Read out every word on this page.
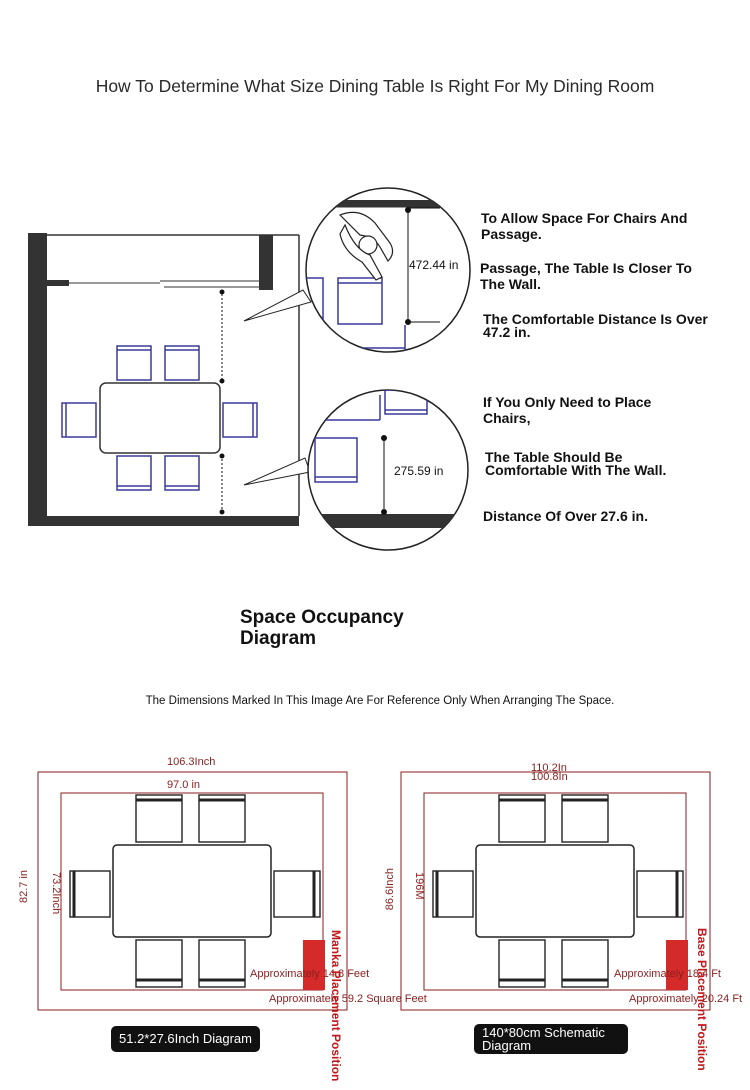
How To Determine What Size Dining Table Is Right For My Dining Room
472.44 in
275.59 in
To Allow Space For Chairs And Passage.
Passage, The Table Is Closer To The Wall.
The Comfortable Distance Is Over 47.2 in.
If You Only Need to Place Chairs,
The Table Should Be Comfortable With The Wall.
Distance Of Over 27.6 in.
Space Occupancy
Diagram
The Dimensions Marked In This Image Are For Reference Only When Arranging The Space.
106.3Inch
97.0 in
82.7 in 73.2Inch
Approximately 14.8 Feet
Approximately 59.2 Square Feet
Manka Placement Position
51.2*27.6Inch Diagram
110.2In
100.8In
86.6Inch 196M
Approximately 18.4 Ft
Approximately 20.24 Ft
Base Placement Position
140*80cm Schematic Diagram
